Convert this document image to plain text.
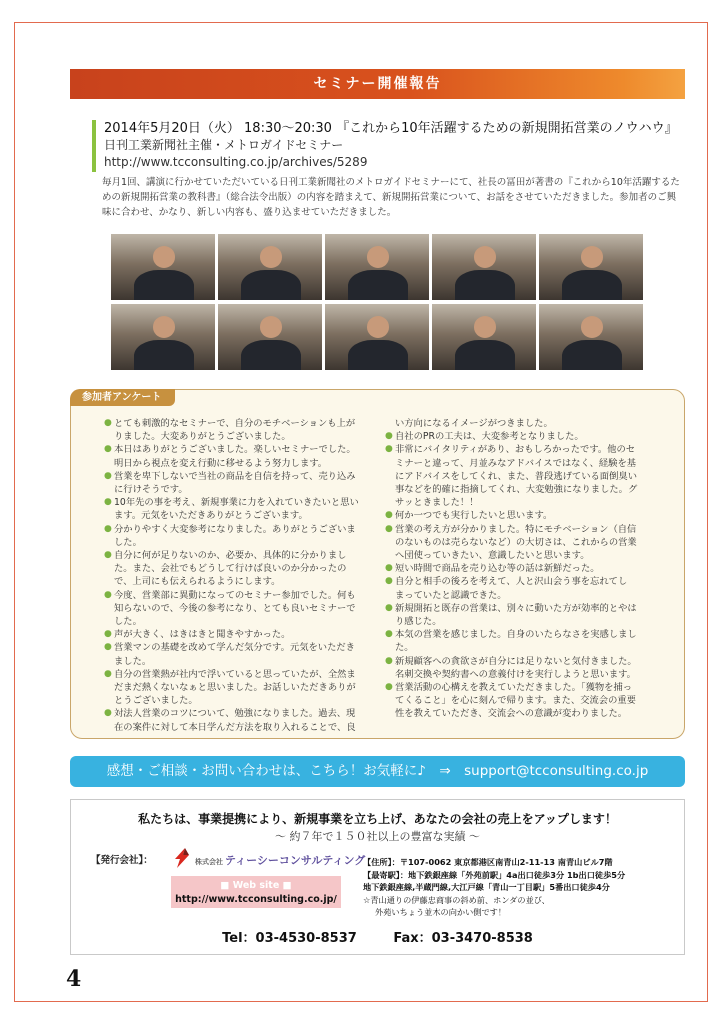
セミナー開催報告
2014年5月20日（火） 18:30〜20:30 『これから10年活躍するための新規開拓営業のノウハウ』
日刊工業新聞社主催・メトロガイドセミナー
http://www.tcconsulting.co.jp/archives/5289
毎月1回、講演に行かせていただいている日刊工業新聞社のメトロガイドセミナーにて、社長の冨田が著書の『これから10年活躍するための新規開拓営業の教科書』（総合法令出版）の内容を踏まえて、新規開拓営業について、お話をさせていただきました。参加者のご興味に合わせ、かなり、新しい内容も、盛り込ませていただきました。
参加者アンケート
● とても刺激的なセミナーで、自分のモチベーションも上が
りました。大変ありがとうございました。
● 本日はありがとうございました。楽しいセミナーでした。
明日から視点を変え行動に移せるよう努力します。
● 営業を卑下しないで当社の商品を自信を持って、売り込み
に行けそうです。
● 10年先の事を考え、新規事業に力を入れていきたいと思い
ます。元気をいただきありがとうございます。
● 分かりやすく大変参考になりました。ありがとうございま
した。
● 自分に何が足りないのか、必要か、具体的に分かりまし
た。また、会社でもどうして行けば良いのか分かったの
で、上司にも伝えられるようにします。
● 今度、営業部に異動になってのセミナー参加でした。何も
知らないので、今後の参考になり、とても良いセミナーで
した。
● 声が大きく、はきはきと聞きやすかった。
● 営業マンの基礎を改めて学んだ気分です。元気をいただき
ました。
● 自分の営業熱が社内で浮いていると思っていたが、全然ま
だまだ熱くないなぁと思いました。お話しいただきありが
とうございました。
● 対法人営業のコツについて、勉強になりました。過去、現
在の案件に対して本日学んだ方法を取り入れることで、良
い方向になるイメージがつきました。
● 自社のPRの工夫は、大変参考となりました。
● 非常にバイタリティがあり、おもしろかったです。他のセ
ミナーと違って、月並みなアドバイスではなく、経験を基
にアドバイスをしてくれ、また、普段逃げている面倒臭い
事などを的確に指摘してくれ、大変勉強になりました。グ
サッときました！！
● 何か一つでも実行したいと思います。
● 営業の考え方が分かりました。特にモチベーション（自信
のないものは売らないなど）の大切さは、これからの営業
へ団使っていきたい、意識したいと思います。
● 短い時間で商品を売り込む等の話は新鮮だった。
● 自分と相手の後ろを考えて、人と沢山会う事を忘れてし
まっていたと認識できた。
● 新規開拓と既存の営業は、別々に動いた方が効率的とやは
り感じた。
● 本気の営業を感じました。自身のいたらなさを実感しまし
た。
● 新規顧客への貪欲さが自分には足りないと気付きました。
名刺交換や契約書への意義付けを実行しようと思います。
● 営業活動の心構えを教えていただきました。「獲物を捕っ
てくること」を心に刻んで帰ります。また、交流会の重要
性を教えていただき、交流会への意識が変わりました。
感想・ご相談・お問い合わせは、こちら！お気軽に♪　⇒　support@tcconsulting.co.jp
私たちは、事業提携により、新規事業を立ち上げ、あなたの会社の売上をアップします！
〜 約７年で１５０社以上の豊富な実績 〜
【発行会社】：	株式会社 ティーシーコンサルティング
■ Web site ■
http://www.tcconsulting.co.jp/
【住所】：〒107-0062 東京都港区南青山2-11-13 南青山ビル7階
【最寄駅】：地下鉄銀座線「外苑前駅」4a出口徒歩3分 1b出口徒歩5分
地下鉄銀座線,半蔵門線,大江戸線「青山一丁目駅」5番出口徒歩4分
☆青山通りの伊藤忠商事の斜め前、ホンダの並び、
外苑いちょう並木の向かい側です！
Tel：03-4530-8537	Fax：03-3470-8538
4
